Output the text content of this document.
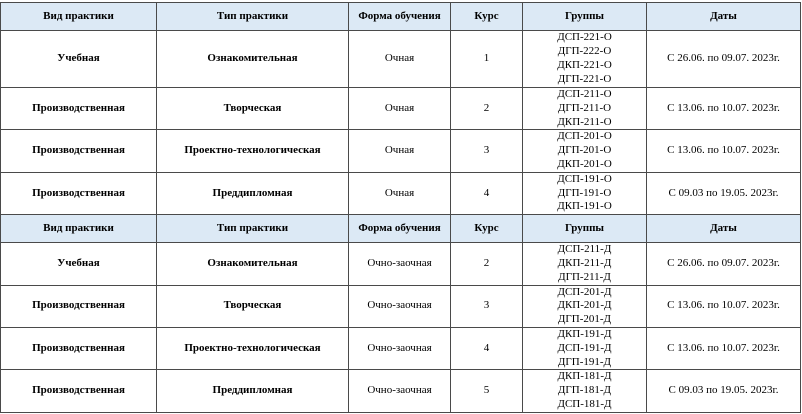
Вид практики	Тип практики	Форма обучения	Курс	Группы	Даты
Учебная	Ознакомительная	Очная	1	ДСП-221-О
ДГП-222-О
ДКП-221-О
ДГП-221-О	С 26.06. по 09.07. 2023г.
Производственная	Творческая	Очная	2	ДСП-211-О
ДГП-211-О
ДКП-211-О	С 13.06. по 10.07. 2023г.
Производственная	Проектно-технологическая	Очная	3	ДСП-201-О
ДГП-201-О
ДКП-201-О	С 13.06. по 10.07. 2023г.
Производственная	Преддипломная	Очная	4	ДСП-191-О
ДГП-191-О
ДКП-191-О	С 09.03 по 19.05. 2023г.
Вид практики	Тип практики	Форма обучения	Курс	Группы	Даты
Учебная	Ознакомительная	Очно-заочная	2	ДСП-211-Д
ДКП-211-Д
ДГП-211-Д	С 26.06. по 09.07. 2023г.
Производственная	Творческая	Очно-заочная	3	ДСП-201-Д
ДКП-201-Д
ДГП-201-Д	С 13.06. по 10.07. 2023г.
Производственная	Проектно-технологическая	Очно-заочная	4	ДКП-191-Д
ДСП-191-Д
ДГП-191-Д	С 13.06. по 10.07. 2023г.
Производственная	Преддипломная	Очно-заочная	5	ДКП-181-Д
ДГП-181-Д
ДСП-181-Д	С 09.03 по 19.05. 2023г.
